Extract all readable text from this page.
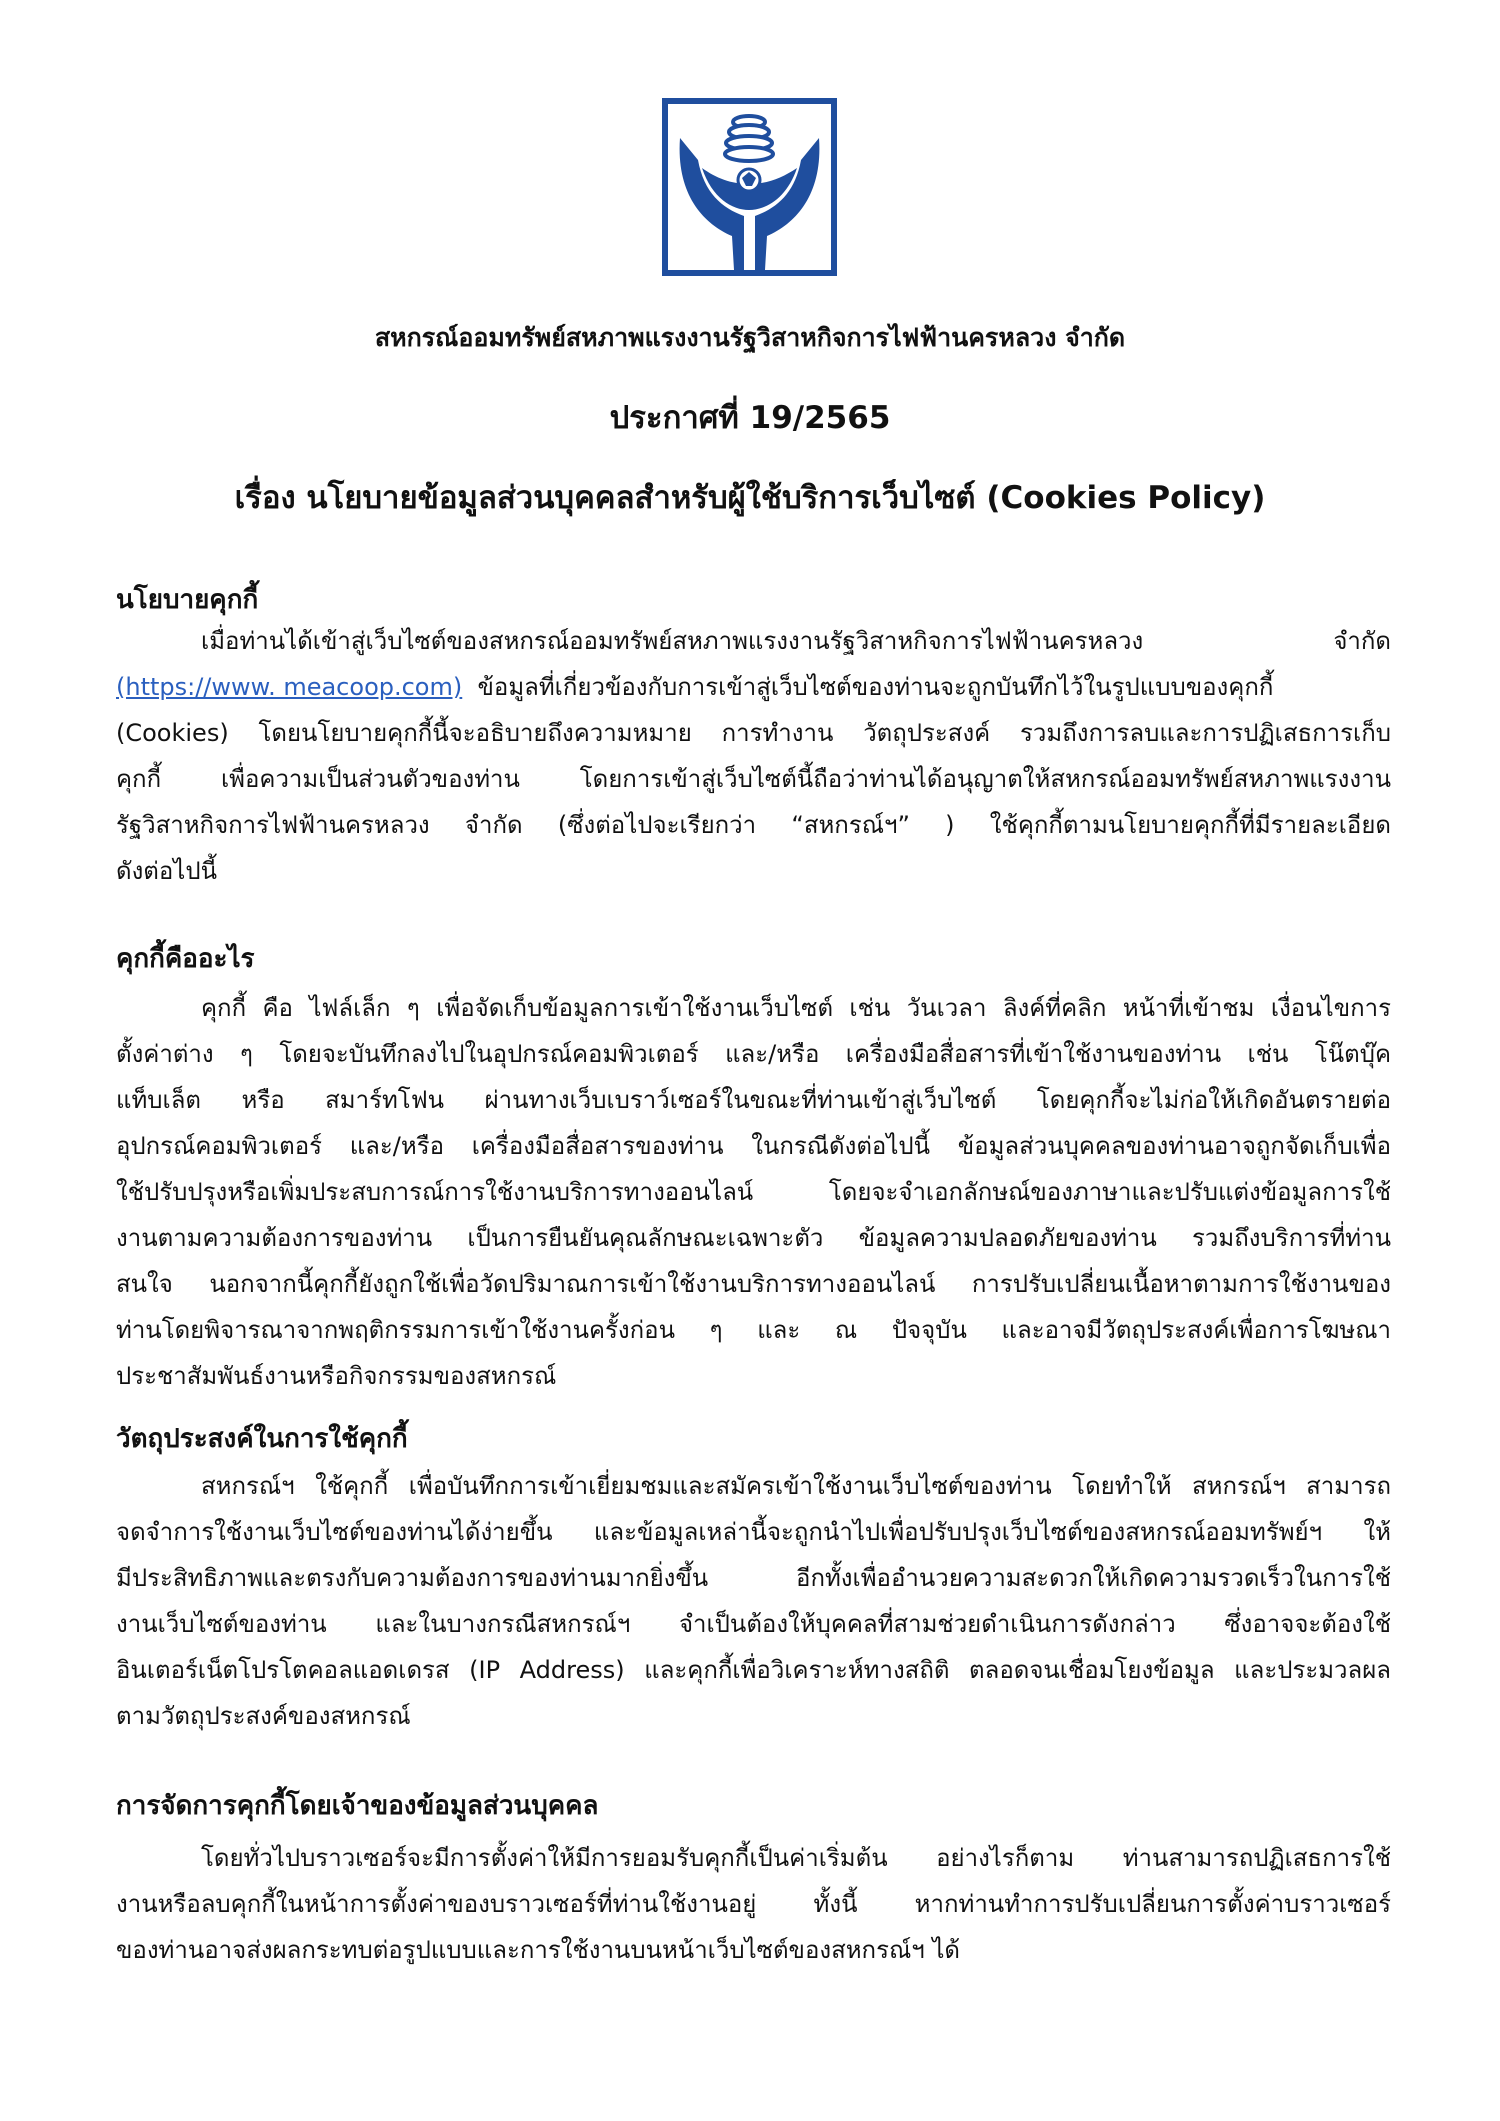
สหกรณ์ออมทรัพย์สหภาพแรงงานรัฐวิสาหกิจการไฟฟ้านครหลวง จำกัด
ประกาศที่ 19/2565
เรื่อง นโยบายข้อมูลส่วนบุคคลสำหรับผู้ใช้บริการเว็บไซต์ (Cookies Policy)
นโยบายคุกกี้
เมื่อท่านได้เข้าสู่เว็บไซต์ของสหกรณ์ออมทรัพย์สหภาพแรงงานรัฐวิสาหกิจการไฟฟ้านครหลวง จำกัด
(https://www. meacoop.com) ข้อมูลที่เกี่ยวข้องกับการเข้าสู่เว็บไซต์ของท่านจะถูกบันทึกไว้ในรูปแบบของคุกกี้
(Cookies) โดยนโยบายคุกกี้นี้จะอธิบายถึงความหมาย การทำงาน วัตถุประสงค์ รวมถึงการลบและการปฏิเสธการเก็บ
คุกกี้ เพื่อความเป็นส่วนตัวของท่าน โดยการเข้าสู่เว็บไซต์นี้ถือว่าท่านได้อนุญาตให้สหกรณ์ออมทรัพย์สหภาพแรงงาน
รัฐวิสาหกิจการไฟฟ้านครหลวง จำกัด (ซึ่งต่อไปจะเรียกว่า “สหกรณ์ฯ” ) ใช้คุกกี้ตามนโยบายคุกกี้ที่มีรายละเอียด
ดังต่อไปนี้
คุกกี้คืออะไร
คุกกี้ คือ ไฟล์เล็ก ๆ เพื่อจัดเก็บข้อมูลการเข้าใช้งานเว็บไซต์ เช่น วันเวลา ลิงค์ที่คลิก หน้าที่เข้าชม เงื่อนไขการ
ตั้งค่าต่าง ๆ โดยจะบันทึกลงไปในอุปกรณ์คอมพิวเตอร์ และ/หรือ เครื่องมือสื่อสารที่เข้าใช้งานของท่าน เช่น โน๊ตบุ๊ค
แท็บเล็ต หรือ สมาร์ทโฟน ผ่านทางเว็บเบราว์เซอร์ในขณะที่ท่านเข้าสู่เว็บไซต์ โดยคุกกี้จะไม่ก่อให้เกิดอันตรายต่อ
อุปกรณ์คอมพิวเตอร์ และ/หรือ เครื่องมือสื่อสารของท่าน ในกรณีดังต่อไปนี้ ข้อมูลส่วนบุคคลของท่านอาจถูกจัดเก็บเพื่อ
ใช้ปรับปรุงหรือเพิ่มประสบการณ์การใช้งานบริการทางออนไลน์ โดยจะจำเอกลักษณ์ของภาษาและปรับแต่งข้อมูลการใช้
งานตามความต้องการของท่าน เป็นการยืนยันคุณลักษณะเฉพาะตัว ข้อมูลความปลอดภัยของท่าน รวมถึงบริการที่ท่าน
สนใจ นอกจากนี้คุกกี้ยังถูกใช้เพื่อวัดปริมาณการเข้าใช้งานบริการทางออนไลน์ การปรับเปลี่ยนเนื้อหาตามการใช้งานของ
ท่านโดยพิจารณาจากพฤติกรรมการเข้าใช้งานครั้งก่อน ๆ และ ณ ปัจจุบัน และอาจมีวัตถุประสงค์เพื่อการโฆษณา
ประชาสัมพันธ์งานหรือกิจกรรมของสหกรณ์
วัตถุประสงค์ในการใช้คุกกี้
สหกรณ์ฯ ใช้คุกกี้ เพื่อบันทึกการเข้าเยี่ยมชมและสมัครเข้าใช้งานเว็บไซต์ของท่าน โดยทำให้ สหกรณ์ฯ สามารถ
จดจำการใช้งานเว็บไซต์ของท่านได้ง่ายขึ้น และข้อมูลเหล่านี้จะถูกนำไปเพื่อปรับปรุงเว็บไซต์ของสหกรณ์ออมทรัพย์ฯ ให้
มีประสิทธิภาพและตรงกับความต้องการของท่านมากยิ่งขึ้น อีกทั้งเพื่ออำนวยความสะดวกให้เกิดความรวดเร็วในการใช้
งานเว็บไซต์ของท่าน และในบางกรณีสหกรณ์ฯ จำเป็นต้องให้บุคคลที่สามช่วยดำเนินการดังกล่าว ซึ่งอาจจะต้องใช้
อินเตอร์เน็ตโปรโตคอลแอดเดรส (IP Address) และคุกกี้เพื่อวิเคราะห์ทางสถิติ ตลอดจนเชื่อมโยงข้อมูล และประมวลผล
ตามวัตถุประสงค์ของสหกรณ์
การจัดการคุกกี้โดยเจ้าของข้อมูลส่วนบุคคล
โดยทั่วไปบราวเซอร์จะมีการตั้งค่าให้มีการยอมรับคุกกี้เป็นค่าเริ่มต้น อย่างไรก็ตาม ท่านสามารถปฏิเสธการใช้
งานหรือลบคุกกี้ในหน้าการตั้งค่าของบราวเซอร์ที่ท่านใช้งานอยู่ ทั้งนี้ หากท่านทำการปรับเปลี่ยนการตั้งค่าบราวเซอร์
ของท่านอาจส่งผลกระทบต่อรูปแบบและการใช้งานบนหน้าเว็บไซต์ของสหกรณ์ฯ ได้
